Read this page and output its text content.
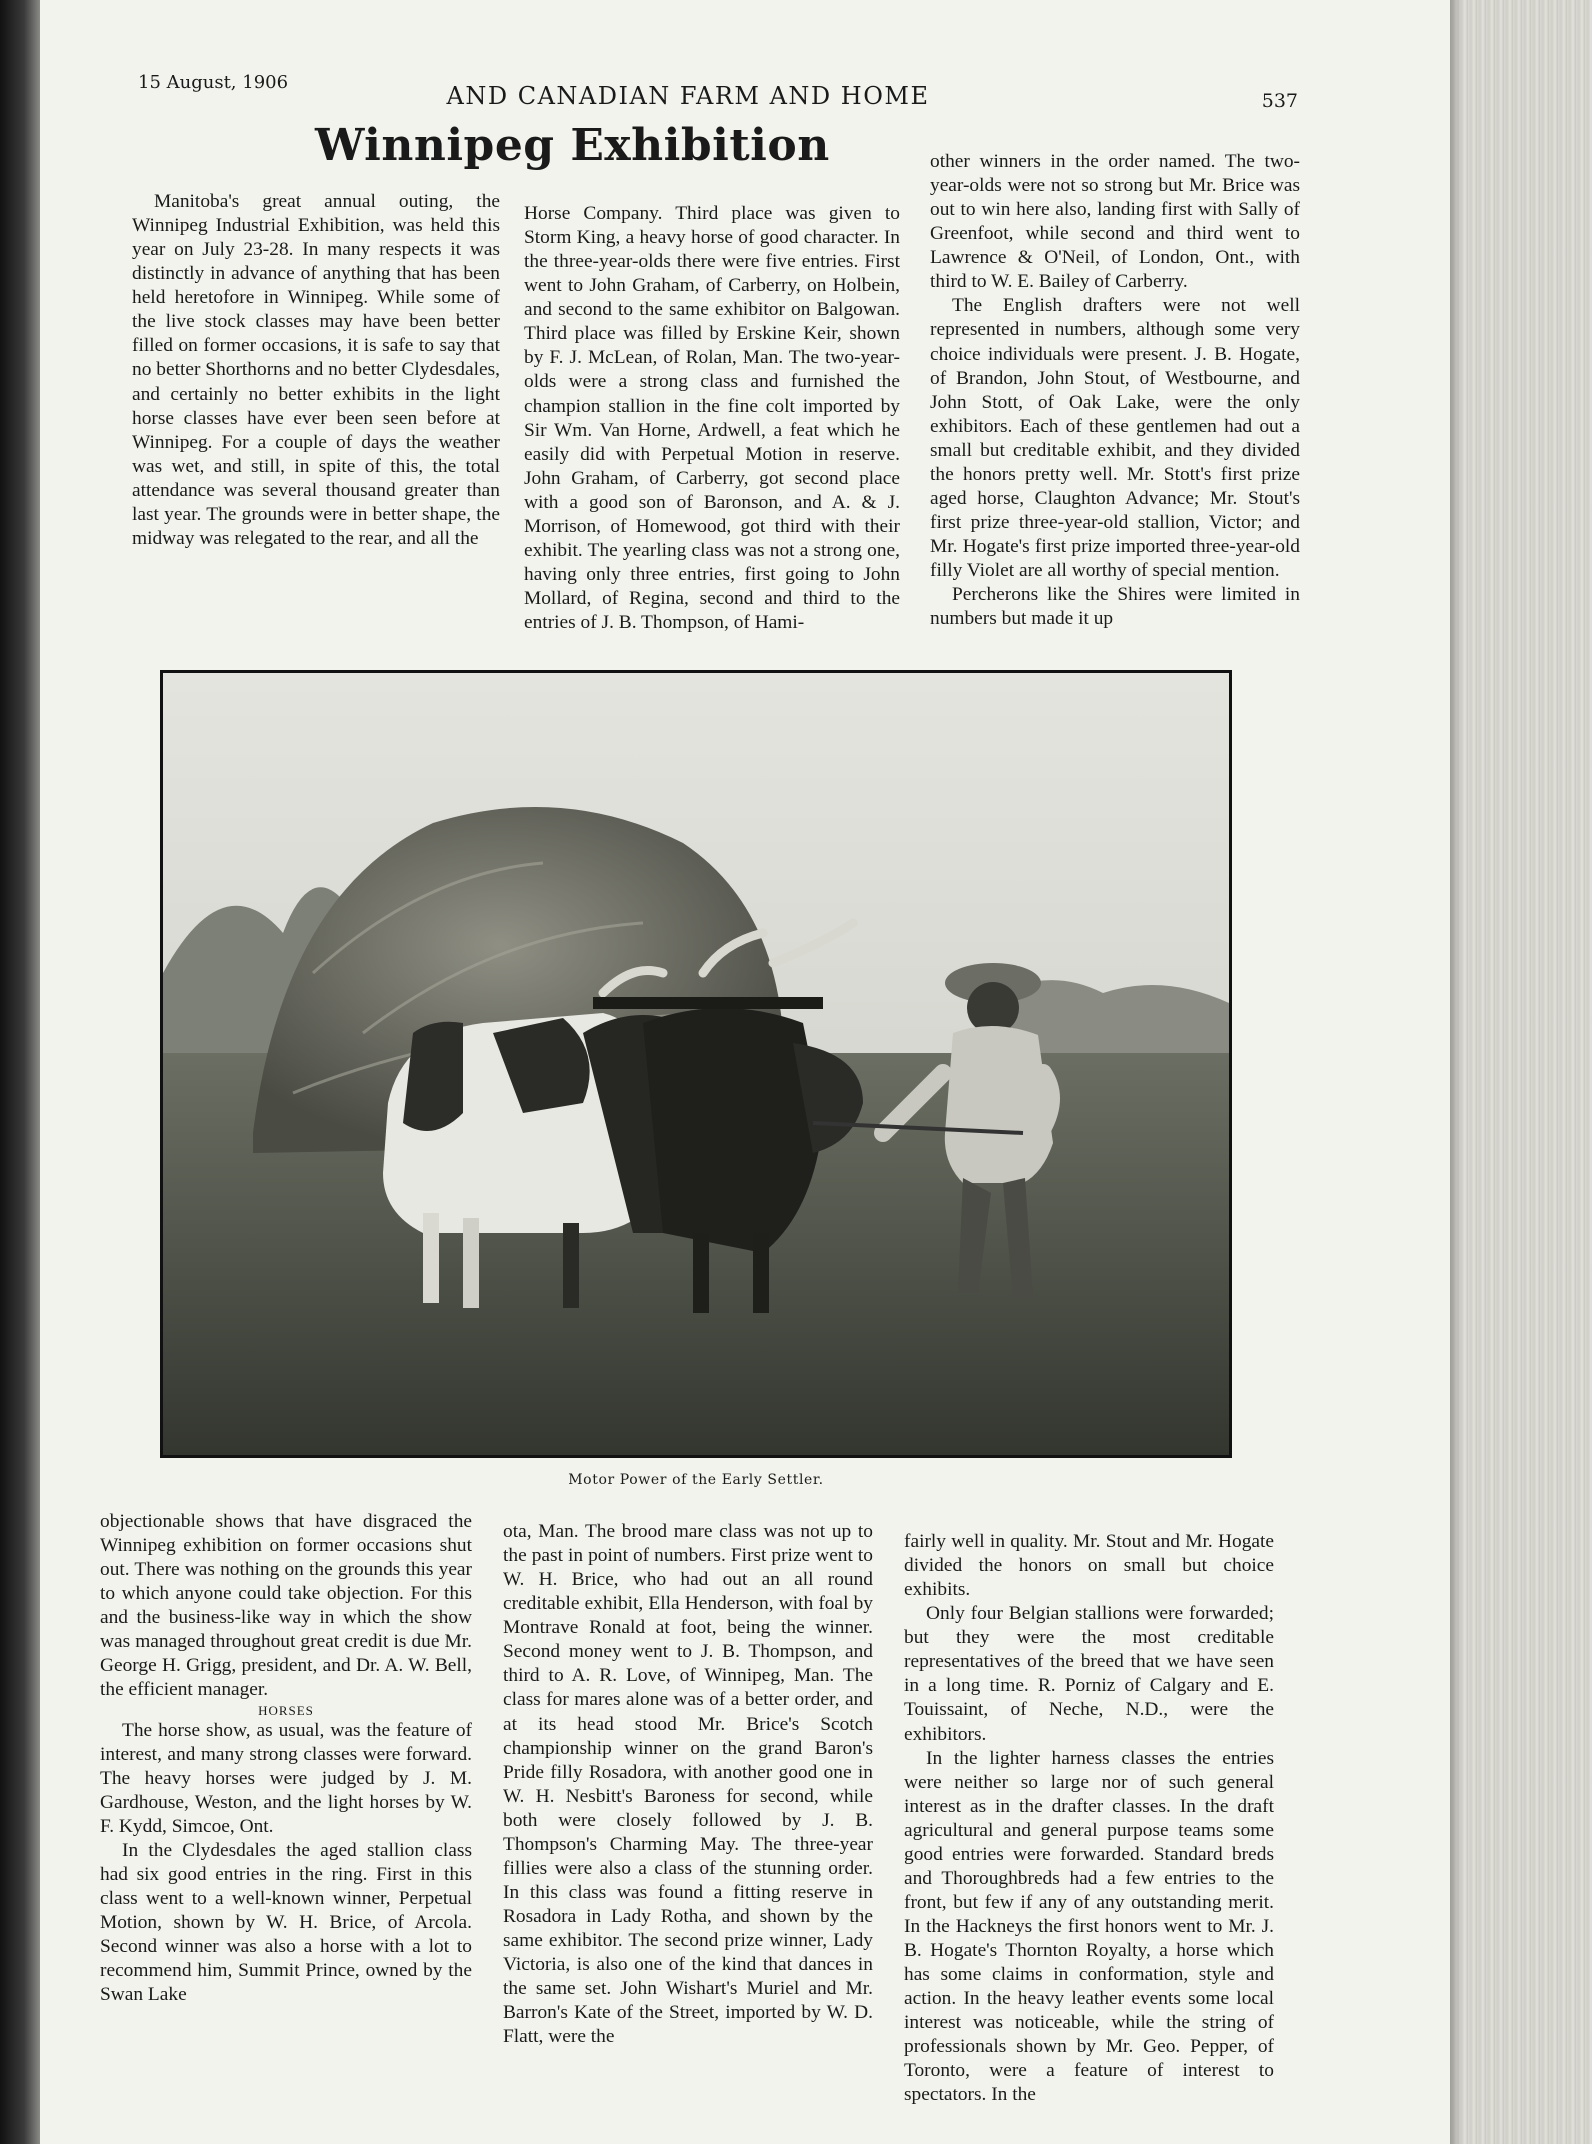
15 August, 1906	AND CANADIAN FARM AND HOME	537
Winnipeg Exhibition

Manitoba's great annual outing, the Winnipeg Industrial Exhibition, was held this year on July 23-28. In many respects it was distinctly in advance of anything that has been held heretofore in Winnipeg. While some of the live stock classes may have been better filled on former occasions, it is safe to say that no better Shorthorns and no better Clydesdales, and certainly no better exhibits in the light horse classes have ever been seen before at Winnipeg. For a couple of days the weather was wet, and still, in spite of this, the total attendance was several thousand greater than last year. The grounds were in better shape, the midway was relegated to the rear, and all the

Horse Company. Third place was given to Storm King, a heavy horse of good character. In the three-year-olds there were five entries. First went to John Graham, of Carberry, on Holbein, and second to the same exhibitor on Balgowan. Third place was filled by Erskine Keir, shown by F. J. McLean, of Rolan, Man. The two-year-olds were a strong class and furnished the champion stallion in the fine colt imported by Sir Wm. Van Horne, Ardwell, a feat which he easily did with Perpetual Motion in reserve. John Graham, of Carberry, got second place with a good son of Baronson, and A. & J. Morrison, of Homewood, got third with their exhibit. The yearling class was not a strong one, having only three entries, first going to John Mollard, of Regina, second and third to the entries of J. B. Thompson, of Hami-

other winners in the order named. The two-year-olds were not so strong but Mr. Brice was out to win here also, landing first with Sally of Greenfoot, while second and third went to Lawrence & O'Neil, of London, Ont., with third to W. E. Bailey of Carberry.

The English drafters were not well represented in numbers, although some very choice individuals were present. J. B. Hogate, of Brandon, John Stout, of Westbourne, and John Stott, of Oak Lake, were the only exhibitors. Each of these gentlemen had out a small but creditable exhibit, and they divided the honors pretty well. Mr. Stott's first prize aged horse, Claughton Advance; Mr. Stout's first prize three-year-old stallion, Victor; and Mr. Hogate's first prize imported three-year-old filly Violet are all worthy of special mention.

Percherons like the Shires were limited in numbers but made it up

Motor Power of the Early Settler.

objectionable shows that have disgraced the Winnipeg exhibition on former occasions shut out. There was nothing on the grounds this year to which anyone could take objection. For this and the business-like way in which the show was managed throughout great credit is due Mr. George H. Grigg, president, and Dr. A. W. Bell, the efficient manager.

HORSES

The horse show, as usual, was the feature of interest, and many strong classes were forward. The heavy horses were judged by J. M. Gardhouse, Weston, and the light horses by W. F. Kydd, Simcoe, Ont.

In the Clydesdales the aged stallion class had six good entries in the ring. First in this class went to a well-known winner, Perpetual Motion, shown by W. H. Brice, of Arcola. Second winner was also a horse with a lot to recommend him, Summit Prince, owned by the Swan Lake

ota, Man. The brood mare class was not up to the past in point of numbers. First prize went to W. H. Brice, who had out an all round creditable exhibit, Ella Henderson, with foal by Montrave Ronald at foot, being the winner. Second money went to J. B. Thompson, and third to A. R. Love, of Winnipeg, Man. The class for mares alone was of a better order, and at its head stood Mr. Brice's Scotch championship winner on the grand Baron's Pride filly Rosadora, with another good one in W. H. Nesbitt's Baroness for second, while both were closely followed by J. B. Thompson's Charming May. The three-year fillies were also a class of the stunning order. In this class was found a fitting reserve in Rosadora in Lady Rotha, and shown by the same exhibitor. The second prize winner, Lady Victoria, is also one of the kind that dances in the same set. John Wishart's Muriel and Mr. Barron's Kate of the Street, imported by W. D. Flatt, were the

fairly well in quality. Mr. Stout and Mr. Hogate divided the honors on small but choice exhibits.

Only four Belgian stallions were forwarded; but they were the most creditable representatives of the breed that we have seen in a long time. R. Porniz of Calgary and E. Touissaint, of Neche, N.D., were the exhibitors.

In the lighter harness classes the entries were neither so large nor of such general interest as in the drafter classes. In the draft agricultural and general purpose teams some good entries were forwarded. Standard breds and Thoroughbreds had a few entries to the front, but few if any of any outstanding merit. In the Hackneys the first honors went to Mr. J. B. Hogate's Thornton Royalty, a horse which has some claims in conformation, style and action. In the heavy leather events some local interest was noticeable, while the string of professionals shown by Mr. Geo. Pepper, of Toronto, were a feature of interest to spectators. In the
